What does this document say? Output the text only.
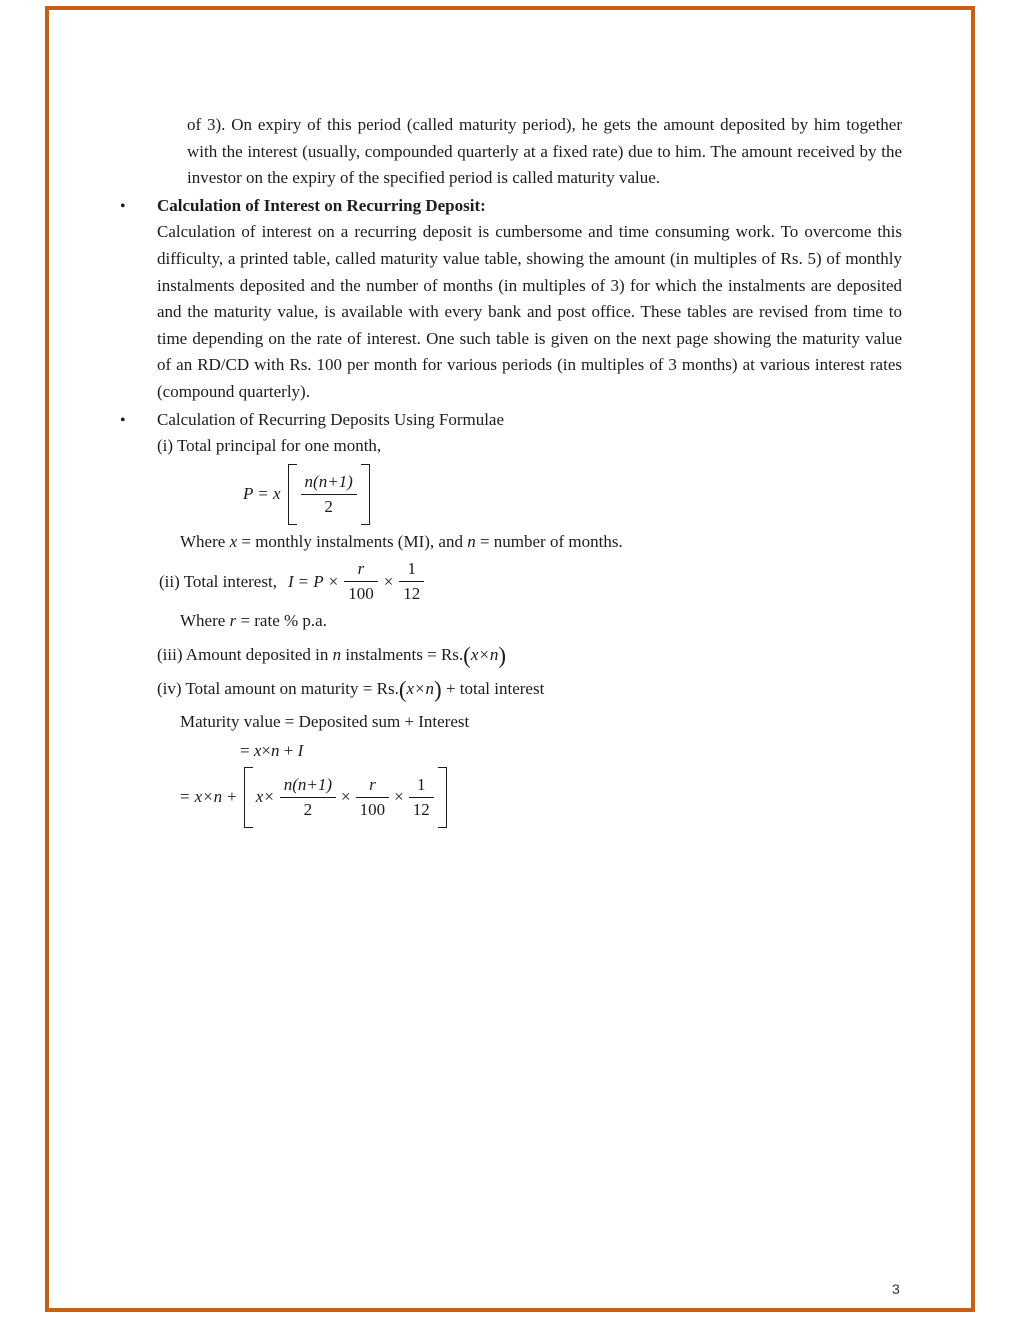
of 3). On expiry of this period (called maturity period), he gets the amount deposited by him together with the interest (usually, compounded quarterly at a fixed rate) due to him. The amount received by the investor on the expiry of the specified period is called maturity value.

•	Calculation of Interest on Recurring Deposit:

Calculation of interest on a recurring deposit is cumbersome and time consuming work. To overcome this difficulty, a printed table, called maturity value table, showing the amount (in multiples of Rs. 5) of monthly instalments deposited and the number of months (in multiples of 3) for which the instalments are deposited and the maturity value, is available with every bank and post office. These tables are revised from time to time depending on the rate of interest. One such table is given on the next page showing the maturity value of an RD/CD with Rs. 100 per month for various periods (in multiples of 3 months) at various interest rates (compound quarterly).

•	Calculation of Recurring Deposits Using Formulae

(i) Total principal for one month,

P = x $\frac{n(n+1)}{2}$

Where x = monthly instalments (MI), and n = number of months.

(ii) Total interest, $I = P \times \frac{r}{100} \times \frac{1}{12}$

Where r = rate % p.a.

(iii) Amount deposited in n instalments = Rs.(x×n)

(iv) Total amount on maturity = Rs.(x×n) + total interest

Maturity value = Deposited sum + Interest

= x×n + I

= $x\times n + x\times \frac{n(n+1)}{2} \times \frac{r}{100} \times \frac{1}{12}$
3
